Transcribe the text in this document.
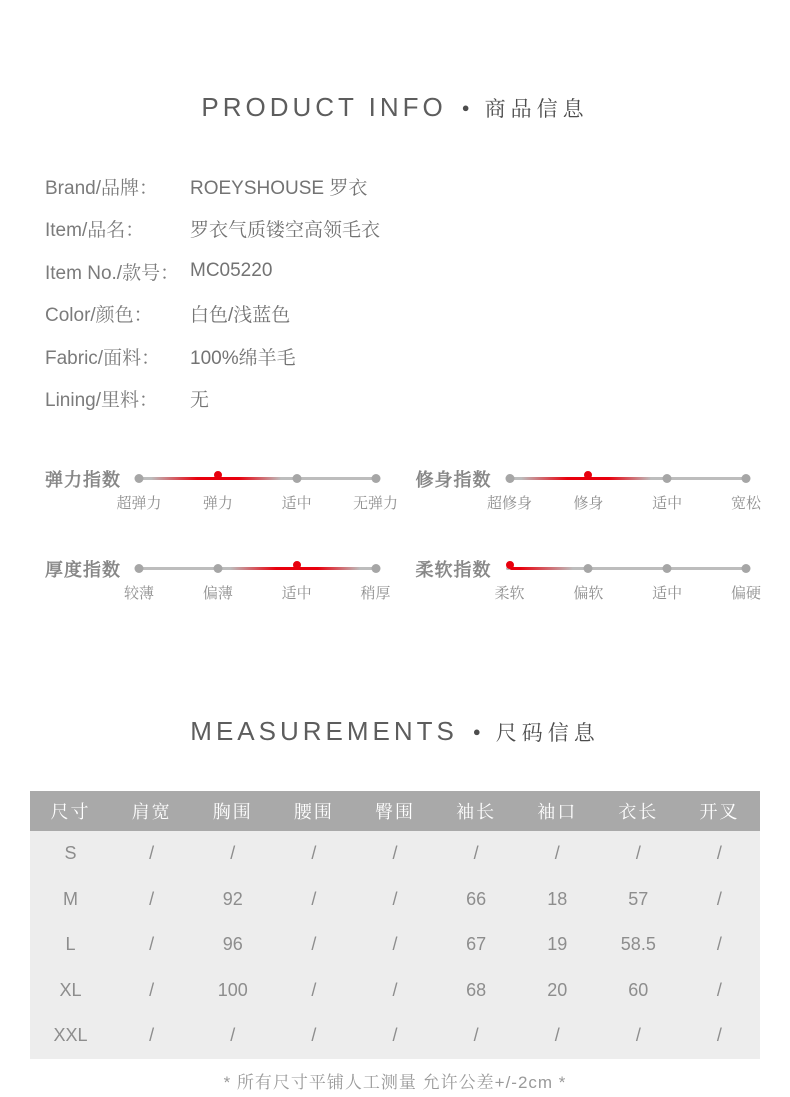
PRODUCT INFO ● 商品信息
Brand/品牌：	ROEYSHOUSE 罗衣
Item/品名：	罗衣气质镂空高领毛衣
Item No./款号： MC05220
Color/颜色：	白色/浅蓝色
Fabric/面料：	100%绵羊毛
Lining/里料：	无
弹力指数
超弹力	弹力	适中	无弹力
修身指数
超修身	修身	适中	宽松
厚度指数
较薄	偏薄	适中	稍厚
柔软指数
柔软	偏软	适中	偏硬
MEASUREMENTS ● 尺码信息
尺寸	肩宽	胸围	腰围	臀围	袖长	袖口	衣长	开叉
S	/	/	/	/	/	/	/	/
M	/	92	/	/	66	18	57	/
L	/	96	/	/	67	19	58.5	/
XL	/	100	/	/	68	20	60	/
XXL	/	/	/	/	/	/	/	/
* 所有尺寸平铺人工测量 允许公差+/-2cm *
